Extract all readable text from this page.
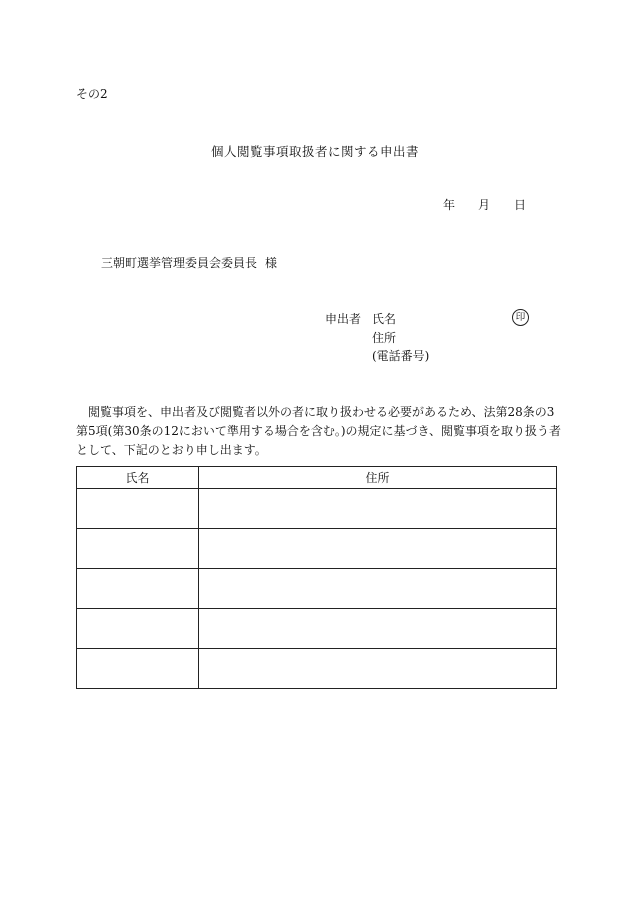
その2
個人閲覧事項取扱者に関する申出書
年 月 日
三朝町選挙管理委員会委員長 様
申出者 氏名
住所
(電話番号)
印
閲覧事項を、申出者及び閲覧者以外の者に取り扱わせる必要があるため、法第28条の3
第5項(第30条の12において準用する場合を含む。)の規定に基づき、閲覧事項を取り扱う者
として、下記のとおり申し出ます。
氏名	住所
